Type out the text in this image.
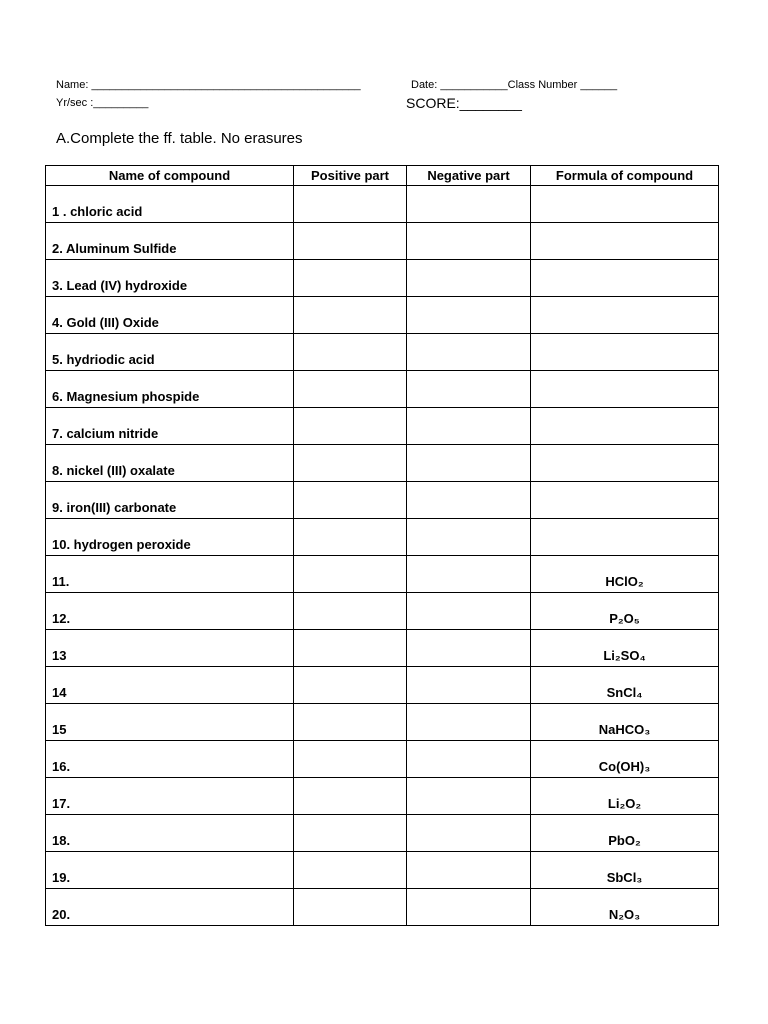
Name: ____________________________________________	Date: ___________Class Number ______
Yr/sec :_________	SCORE:________
A.Complete the ff. table. No erasures
Name of compound	Positive part	Negative part	Formula of compound
1 . chloric acid			
2. Aluminum Sulfide			
3. Lead (IV) hydroxide			
4. Gold (III) Oxide			
5. hydriodic acid			
6. Magnesium phospide			
7. calcium nitride			
8. nickel (III) oxalate			
9. iron(III) carbonate			
10. hydrogen peroxide			
11.			HClO₂
12.			P₂O₅
13			Li₂SO₄
14			SnCl₄
15			NaHCO₃
16.			Co(OH)₃
17.			Li₂O₂
18.			PbO₂
19.			SbCl₃
20.			N₂O₃
